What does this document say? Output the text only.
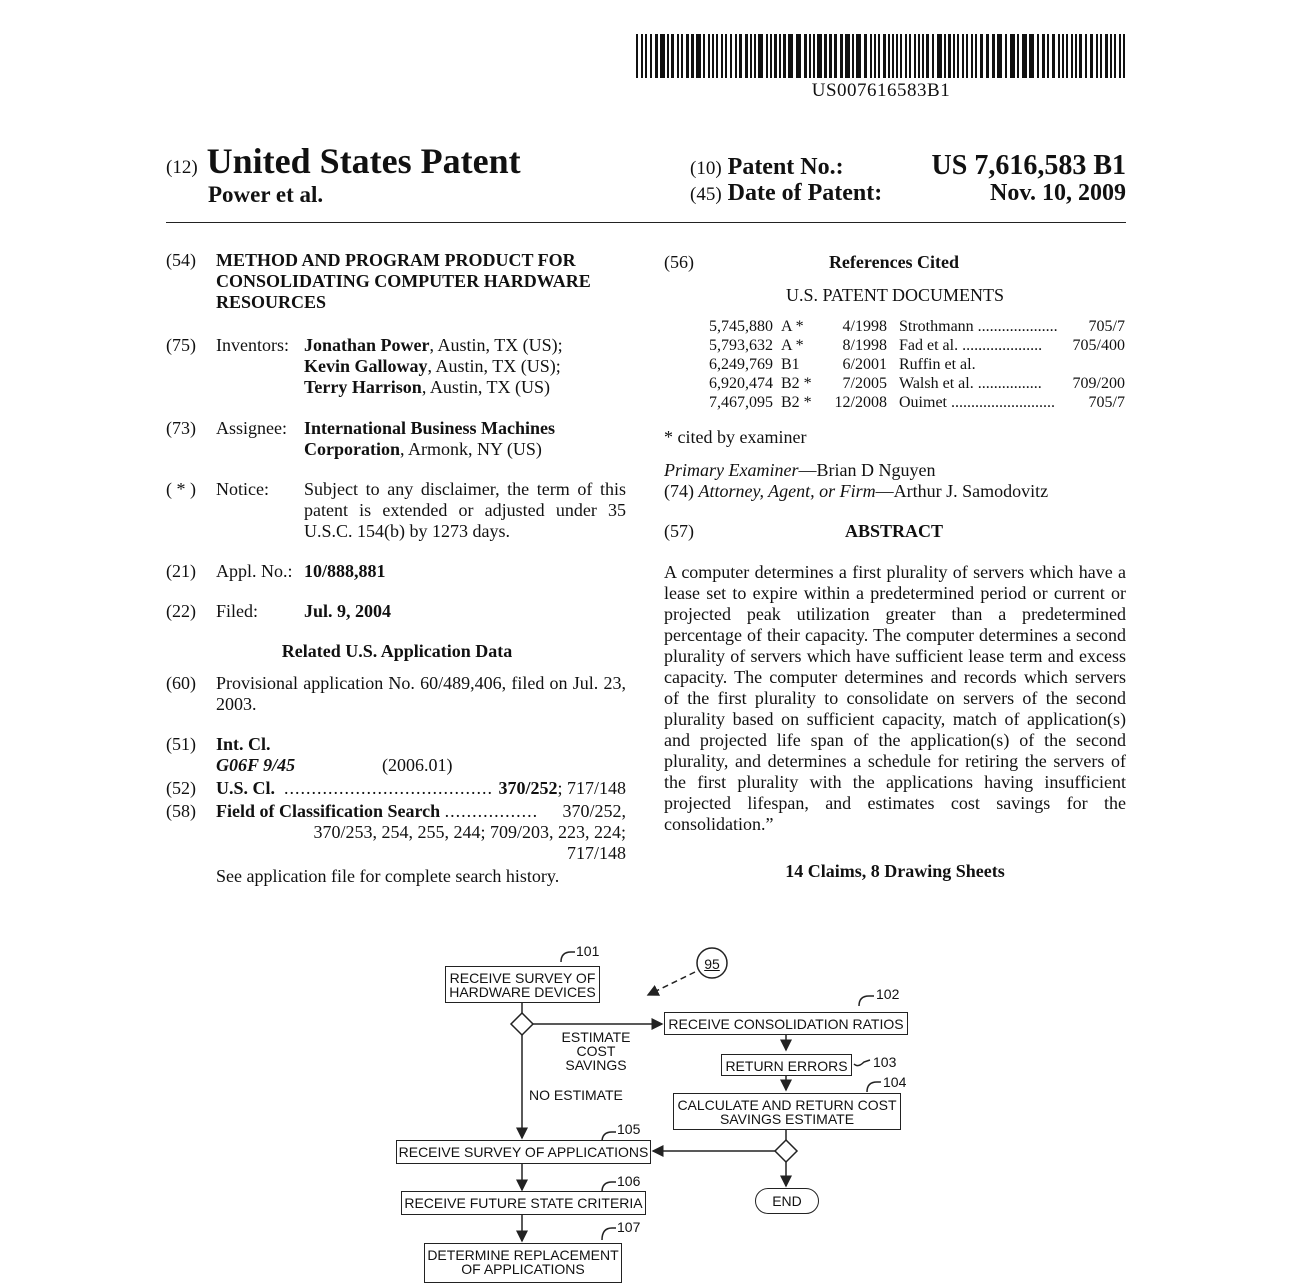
US007616583B1
(12) United States Patent
Power et al.
(10) Patent No.:	US 7,616,583 B1
(45) Date of Patent:	Nov. 10, 2009
(54)	METHOD AND PROGRAM PRODUCT FOR
CONSOLIDATING COMPUTER HARDWARE
RESOURCES
(75)	Inventors: Jonathan Power, Austin, TX (US);
Kevin Galloway, Austin, TX (US);
Terry Harrison, Austin, TX (US)
(73)	Assignee: International Business Machines
Corporation, Armonk, NY (US)
( * )	Notice:	Subject to any disclaimer, the term of this patent is extended or adjusted under 35 U.S.C. 154(b) by 1273 days.
(21)	Appl. No.: 10/888,881
(22)	Filed:	Jul. 9, 2004
Related U.S. Application Data
(60)	Provisional application No. 60/489,406, filed on Jul. 23, 2003.
(51)	Int. Cl.
G06F 9/45	(2006.01)
(52)	U.S. Cl. ...................................... 370/252; 717/148
(58)	Field of Classification Search ................. 370/252,
370/253, 254, 255, 244; 709/203, 223, 224;
717/148
See application file for complete search history.
(56)	References Cited
U.S. PATENT DOCUMENTS
5,745,880	A *	4/1998	Strothmann ....................	705/7
5,793,632	A *	8/1998	Fad et al. ....................	705/400
6,249,769	B1	6/2001	Ruffin et al.	
6,920,474	B2 *	7/2005	Walsh et al. ................	709/200
7,467,095	B2 *	12/2008	Ouimet ..........................	705/7
* cited by examiner
Primary Examiner—Brian D Nguyen
(74) Attorney, Agent, or Firm—Arthur J. Samodovitz
(57)	ABSTRACT
A computer determines a first plurality of servers which have a lease set to expire within a predetermined period or current or projected peak utilization greater than a predetermined percentage of their capacity. The computer determines a second plurality of servers which have sufficient lease term and excess capacity. The computer determines and records which servers of the first plurality to consolidate on servers of the second plurality based on sufficient capacity, match of application(s) and projected life span of the application(s) of the second plurality, and determines a schedule for retiring the servers of the first plurality with the applications having insufficient projected lifespan, and estimates cost savings for the consolidation.”
14 Claims, 8 Drawing Sheets
95
101
RECEIVE SURVEY OF
HARDWARE DEVICES	102
RECEIVE CONSOLIDATION RATIOS
ESTIMATE COST
SAVINGS	103
RETURN ERRORS
NO ESTIMATE
104
CALCULATE AND RETURN COST
SAVINGS ESTIMATE
105
RECEIVE SURVEY OF APPLICATIONS
106
RECEIVE FUTURE STATE CRITERIA	END
107
DETERMINE REPLACEMENT
OF APPLICATIONS
